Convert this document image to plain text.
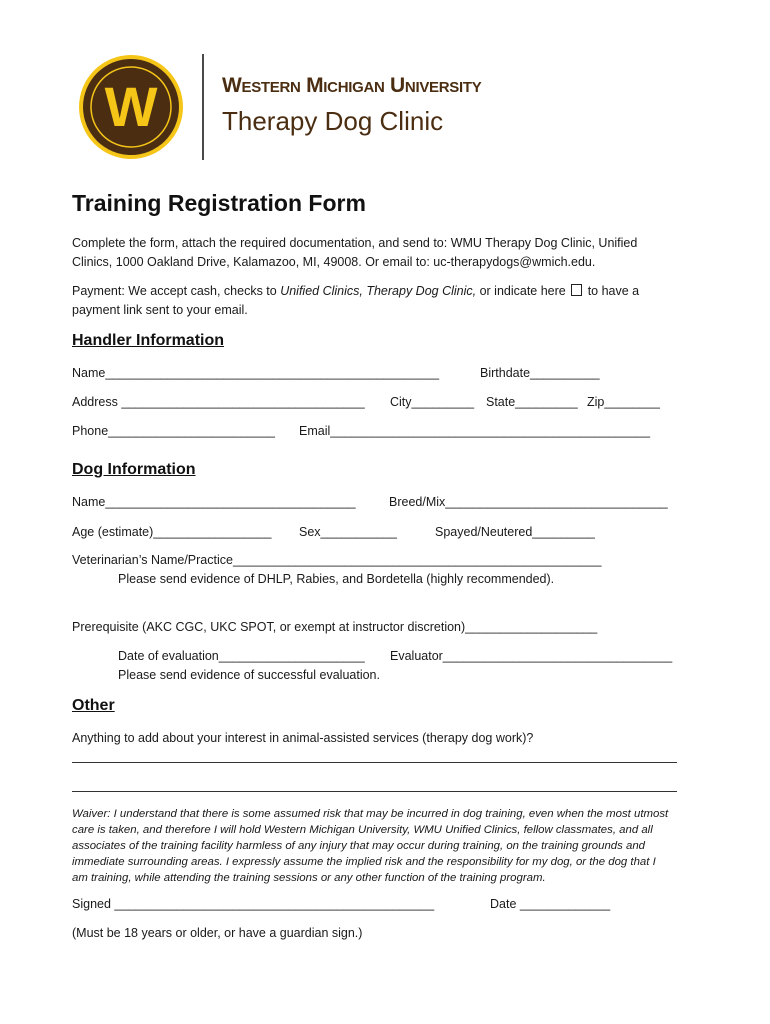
W	Western Michigan University
Therapy Dog Clinic
Training Registration Form
Complete the form, attach the required documentation, and send to: WMU Therapy Dog Clinic, Unified
Clinics, 1000 Oakland Drive, Kalamazoo, MI, 49008. Or email to: uc-therapydogs@wmich.edu.
Payment: We accept cash, checks to Unified Clinics, Therapy Dog Clinic, or indicate here  to have a
payment link sent to your email.
Handler Information
Name________________________________________________	Birthdate__________
Address ___________________________________ City_________ State_________ Zip________
Phone________________________ Email______________________________________________
Dog Information
Name____________________________________	Breed/Mix________________________________
Age (estimate)_________________ Sex___________	Spayed/Neutered_________
Veterinarian’s Name/Practice_____________________________________________________
Please send evidence of DHLP, Rabies, and Bordetella (highly recommended).
Prerequisite (AKC CGC, UKC SPOT, or exempt at instructor discretion)___________________
Date of evaluation_____________________ Evaluator_________________________________
Please send evidence of successful evaluation.
Other
Anything to add about your interest in animal-assisted services (therapy dog work)?
Waiver: I understand that there is some assumed risk that may be incurred in dog training, even when the most utmost
care is taken, and therefore I will hold Western Michigan University, WMU Unified Clinics, fellow classmates, and all
associates of the training facility harmless of any injury that may occur during training, on the training grounds and
immediate surrounding areas. I expressly assume the implied risk and the responsibility for my dog, or the dog that I
am training, while attending the training sessions or any other function of the training program.
Signed ______________________________________________	Date _____________
(Must be 18 years or older, or have a guardian sign.)
